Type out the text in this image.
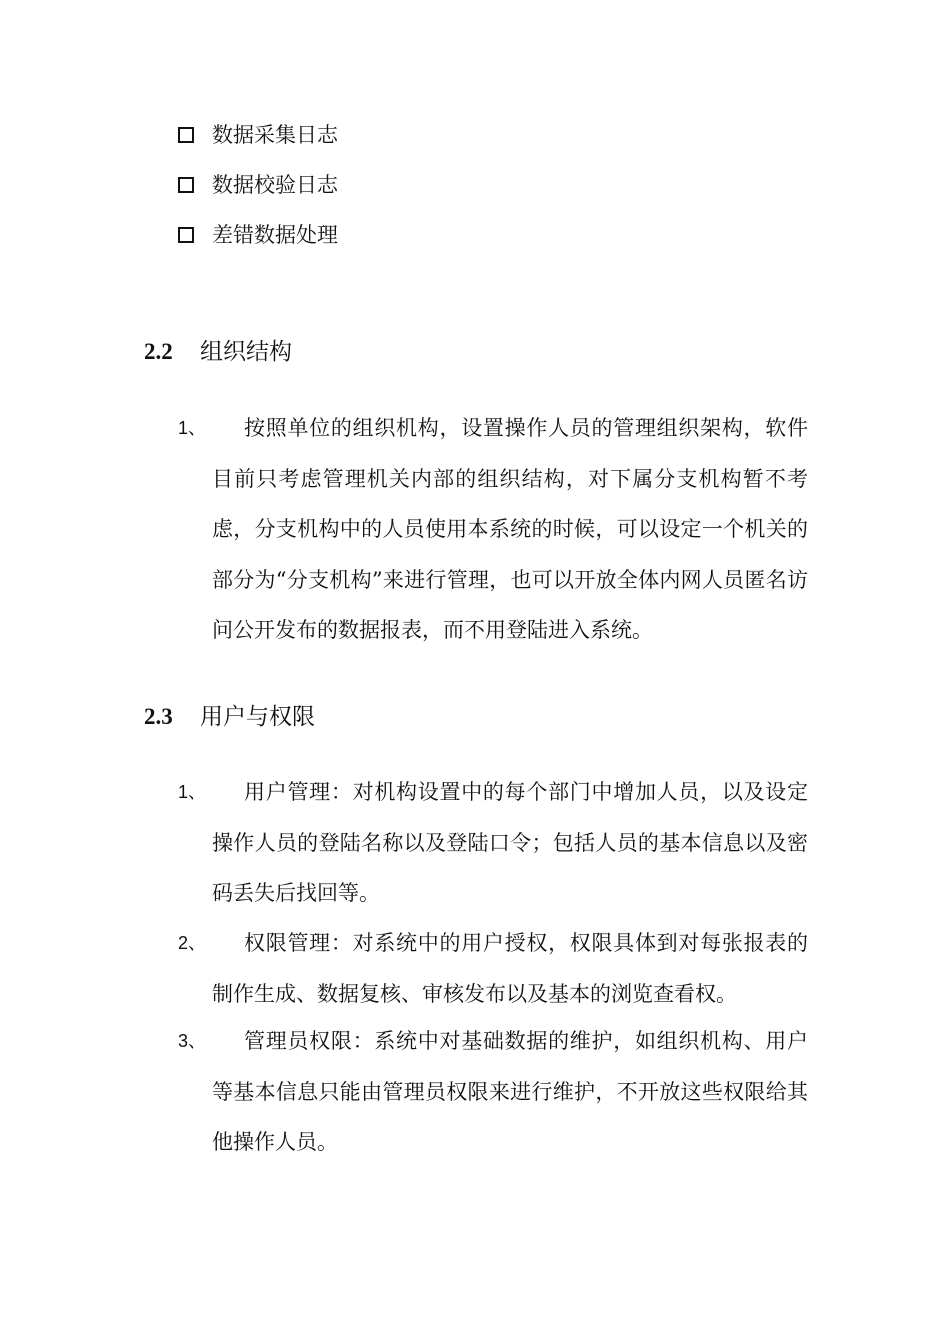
数据采集日志
数据校验日志
差错数据处理
2.2 组织结构
1、	按照单位的组织机构，设置操作人员的管理组织架构，软件目前只考虑管理机关内部的组织结构，对下属分支机构暂不考虑，分支机构中的人员使用本系统的时候，可以设定一个机关的部分为“分支机构”来进行管理，也可以开放全体内网人员匿名访问公开发布的数据报表，而不用登陆进入系统。
2.3 用户与权限
1、	用户管理：对机构设置中的每个部门中增加人员，以及设定操作人员的登陆名称以及登陆口令；包括人员的基本信息以及密码丢失后找回等。
2、	权限管理：对系统中的用户授权，权限具体到对每张报表的制作生成、数据复核、审核发布以及基本的浏览查看权。
3、	管理员权限：系统中对基础数据的维护，如组织机构、用户等基本信息只能由管理员权限来进行维护，不开放这些权限给其他操作人员。
